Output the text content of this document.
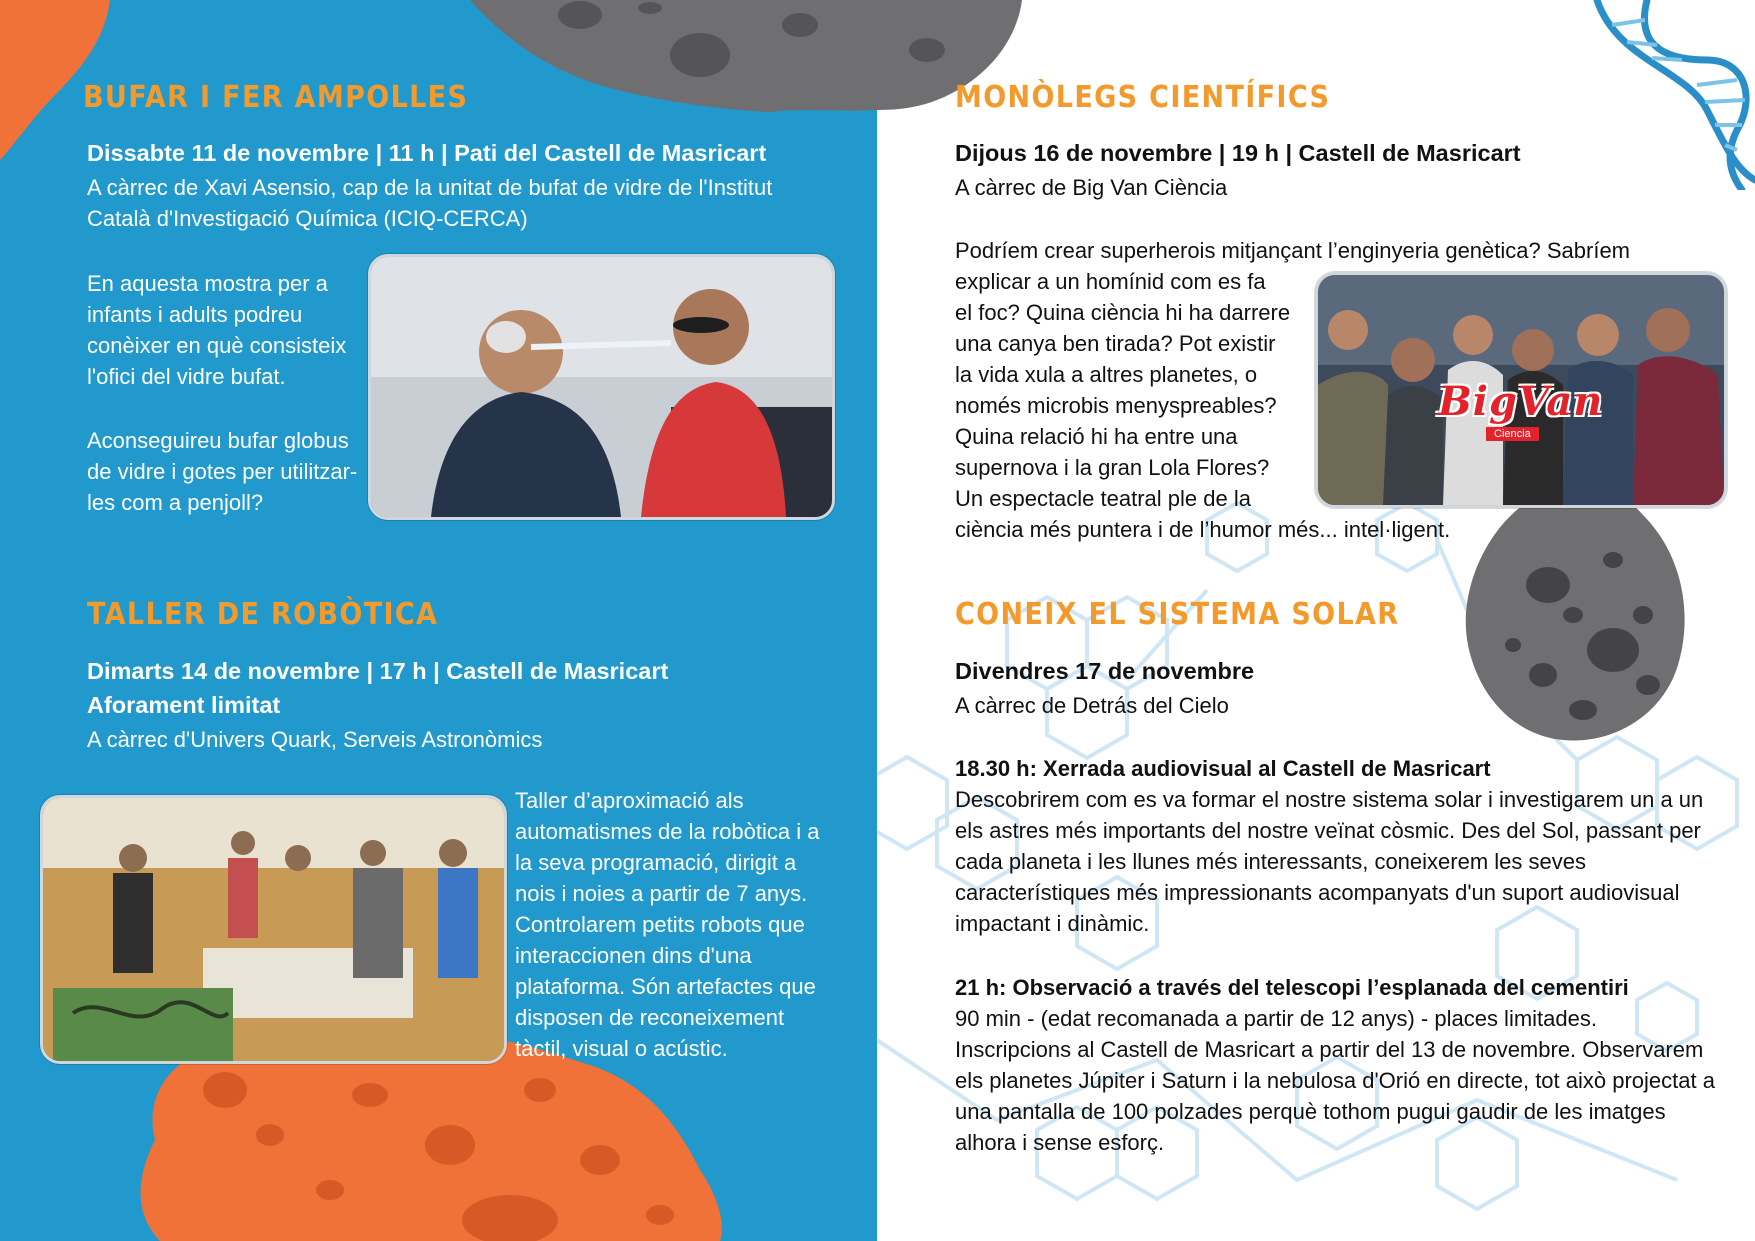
BUFAR I FER AMPOLLES

Dissabte 11 de novembre | 11 h | Pati del Castell de Masricart

A càrrec de Xavi Asensio, cap de la unitat de bufat de vidre de l'Institut Català d'Investigació Química (ICIQ-CERCA)

En aquesta mostra per a infants i adults podreu conèixer en què consisteix l'ofici del vidre bufat.

Aconseguireu bufar globus de vidre i gotes per utilitzar-les com a penjoll?

TALLER DE ROBÒTICA

Dimarts 14 de novembre | 17 h | Castell de Masricart

Aforament limitat

A càrrec d'Univers Quark, Serveis Astronòmics

Taller d’aproximació als automatismes de la robòtica i a la seva programació, dirigit a nois i noies a partir de 7 anys. Controlarem petits robots que interaccionen dins d'una plataforma. Són artefactes que disposen de reconeixement tàctil, visual o acústic.

MONÒLEGS CIENTÍFICS

Dijous 16 de novembre | 19 h | Castell de Masricart

A càrrec de Big Van Ciència

Podríem crear superherois mitjançant l’enginyeria genètica? Sabríem
explicar a un homínid com es fa
el foc? Quina ciència hi ha darrere
una canya ben tirada? Pot existir
la vida xula a altres planetes, o
només microbis menyspreables?
Quina relació hi ha entre una
supernova i la gran Lola Flores?
Un espectacle teatral ple de la
ciència més puntera i de l’humor més... intel·ligent.
BigVan
Ciencia
CONEIX EL SISTEMA SOLAR

Divendres 17 de novembre

A càrrec de Detrás del Cielo

18.30 h: Xerrada audiovisual al Castell de Masricart

Descobrirem com es va formar el nostre sistema solar i investigarem un a un els astres més importants del nostre veïnat còsmic. Des del Sol, passant per cada planeta i les llunes més interessants, coneixerem les seves característiques més impressionants acompanyats d'un suport audiovisual impactant i dinàmic.

21 h: Observació a través del telescopi l’esplanada del cementiri

90 min - (edat recomanada a partir de 12 anys) - places limitades. Inscripcions al Castell de Masricart a partir del 13 de novembre. Observarem els planetes Júpiter i Saturn i la nebulosa d'Orió en directe, tot això projectat a una pantalla de 100 polzades perquè tothom pugui gaudir de les imatges alhora i sense esforç.
